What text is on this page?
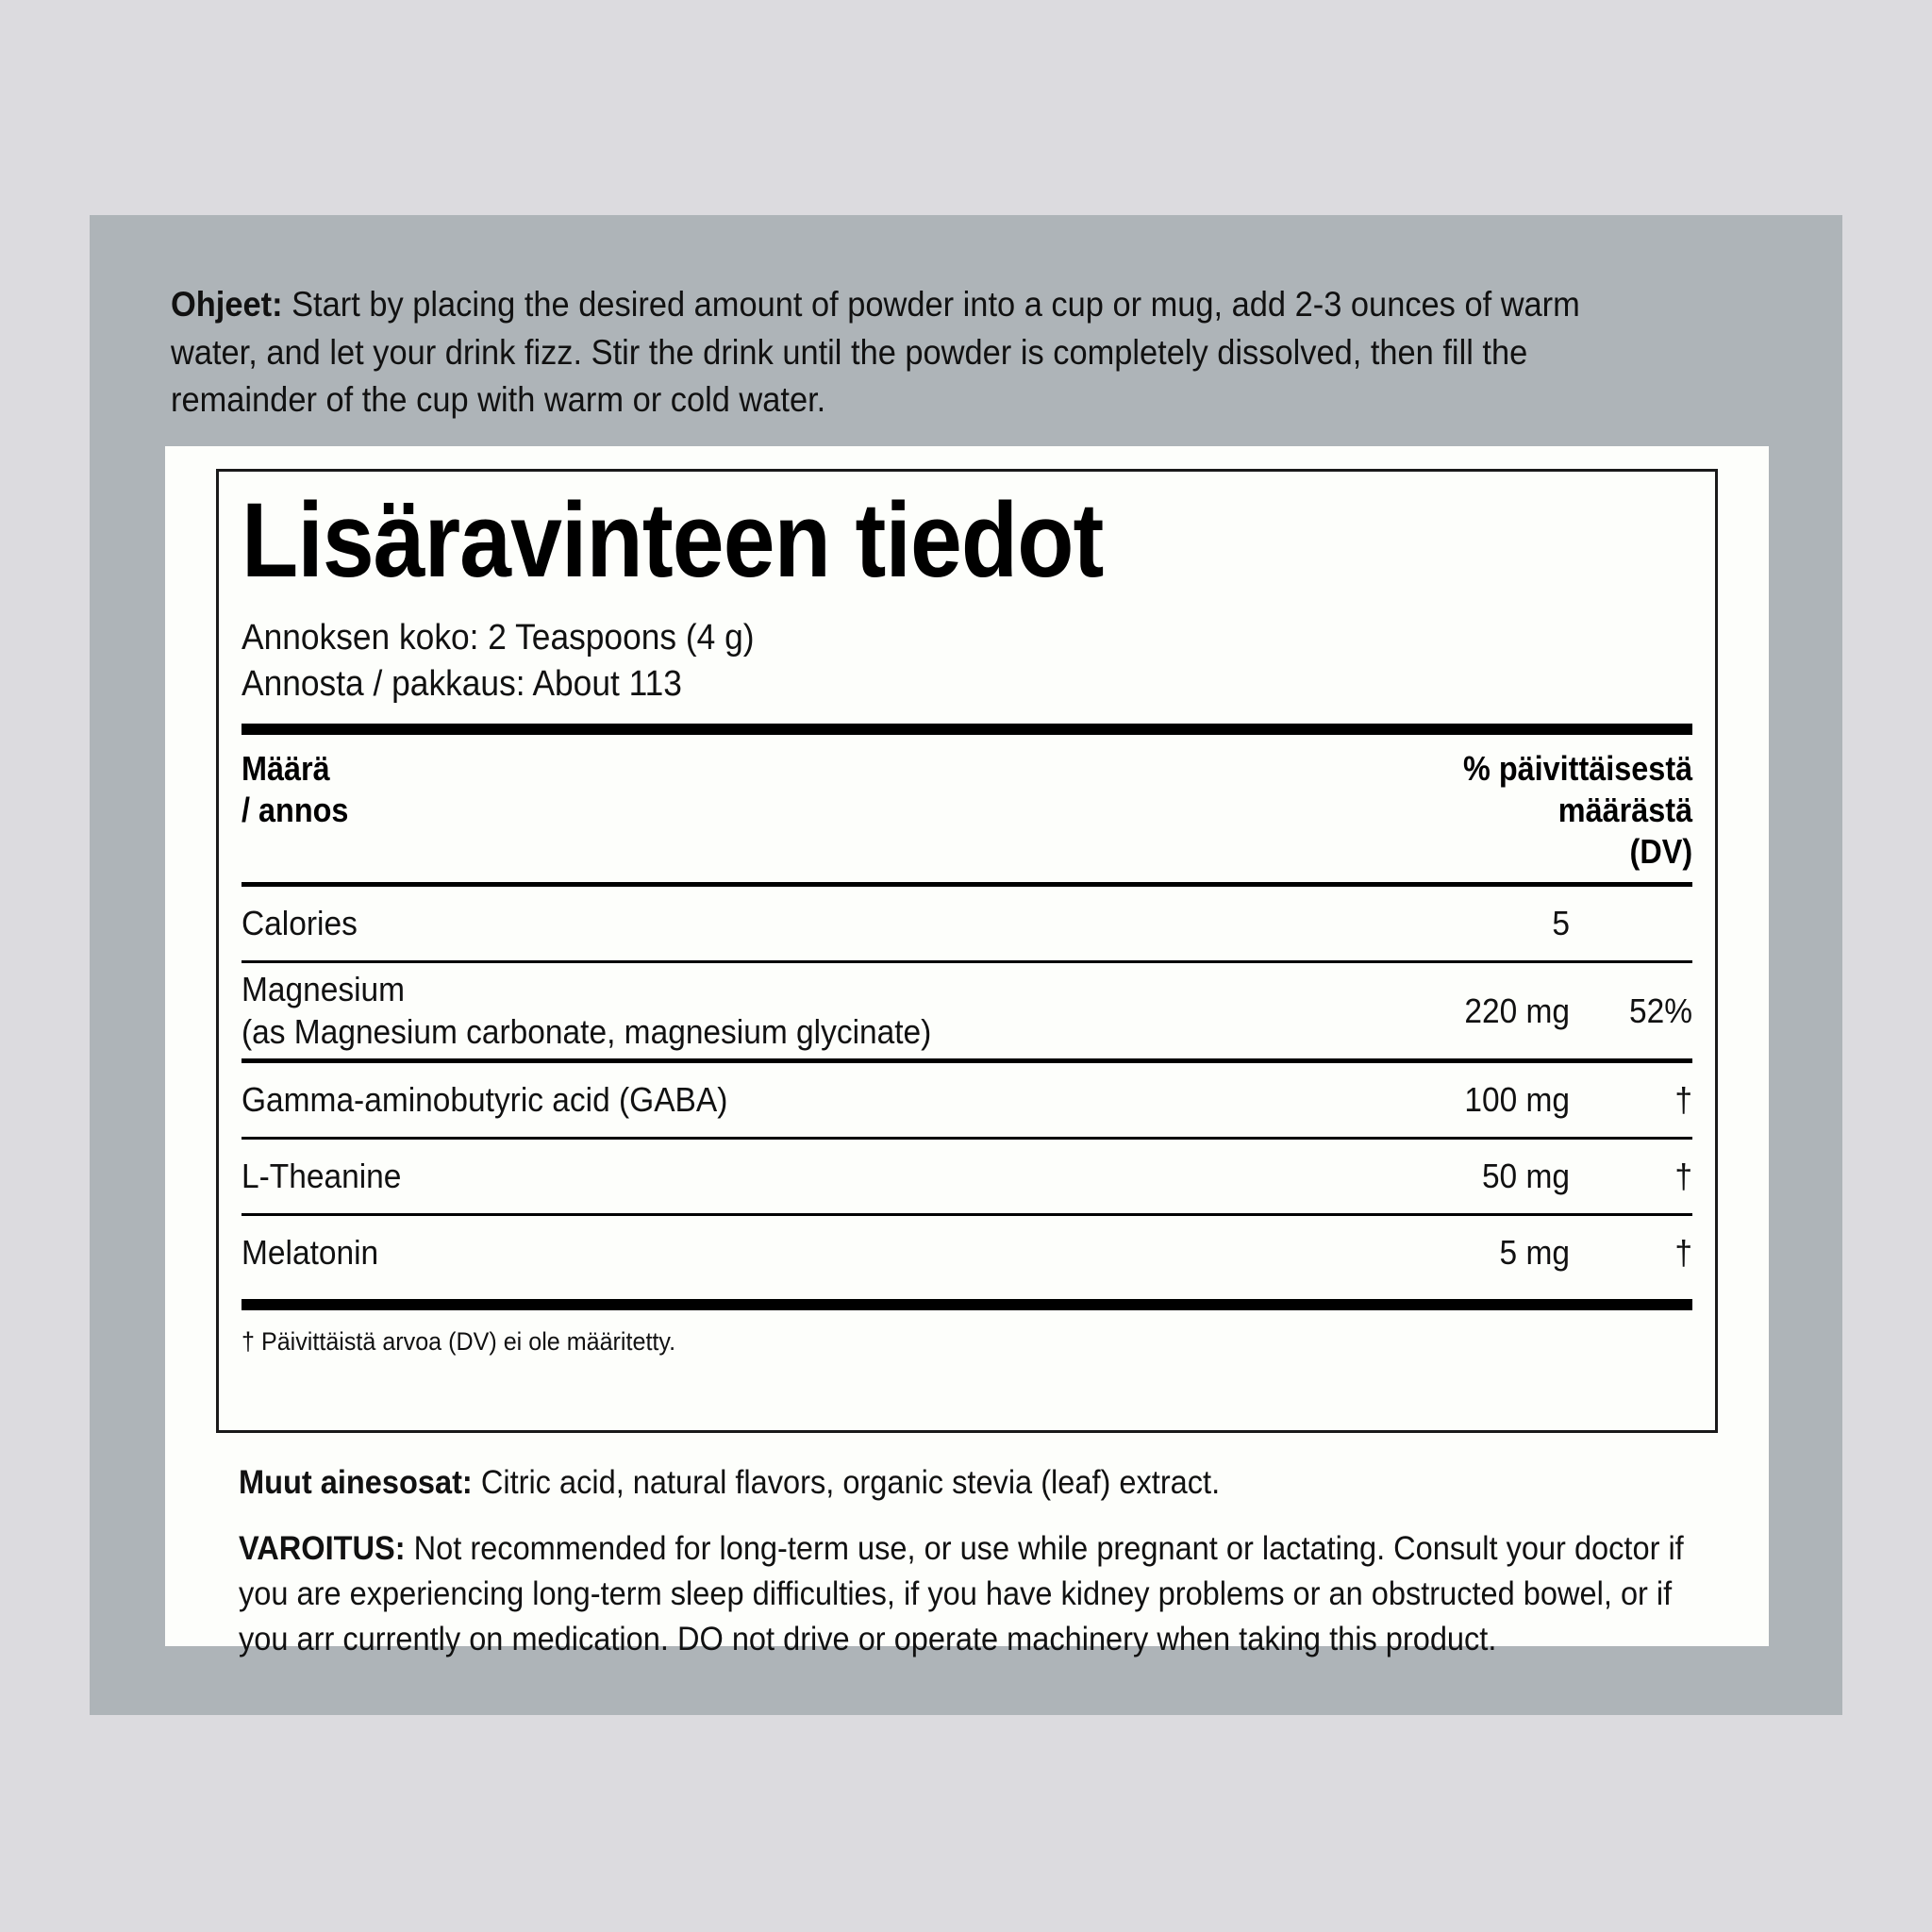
Ohjeet: Start by placing the desired amount of powder into a cup or mug, add 2-3 ounces of warm water, and let your drink fizz. Stir the drink until the powder is completely dissolved, then fill the remainder of the cup with warm or cold water.
Lisäravinteen tiedot
Annoksen koko: 2 Teaspoons (4 g)
Annosta / pakkaus: About 113
Määrä
/ annos
% päivittäisestä
määrästä
(DV)
Calories	5
Magnesium
(as Magnesium carbonate, magnesium glycinate)
220 mg	52%
Gamma-aminobutyric acid (GABA)	100 mg	†
L-Theanine	50 mg	†
Melatonin	5 mg	†
† Päivittäistä arvoa (DV) ei ole määritetty.
Muut ainesosat: Citric acid, natural flavors, organic stevia (leaf) extract.
VAROITUS: Not recommended for long-term use, or use while pregnant or lactating. Consult your doctor if you are experiencing long-term sleep difficulties, if you have kidney problems or an obstructed bowel, or if you arr currently on medication. DO not drive or operate machinery when taking this product.
